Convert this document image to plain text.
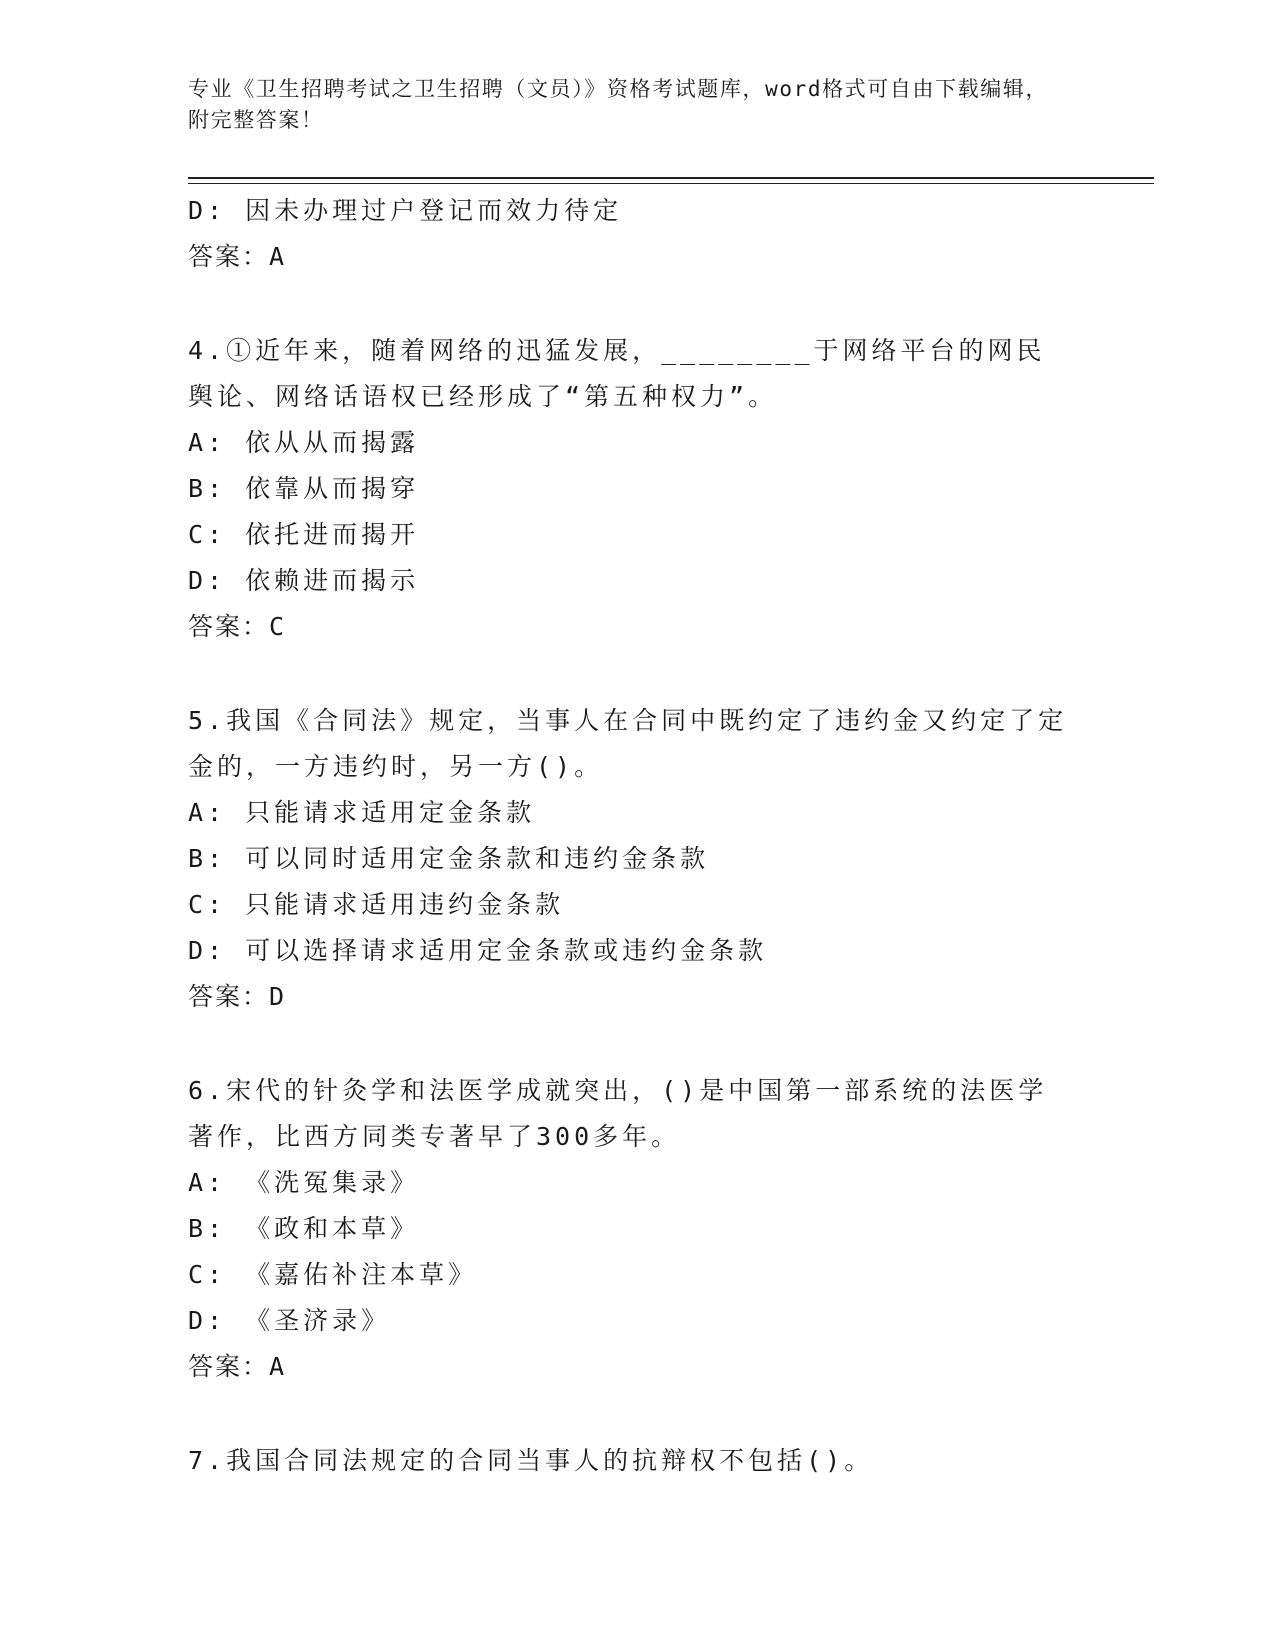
专业《卫生招聘考试之卫生招聘（文员）》资格考试题库，word格式可自由下载编辑，附完整答案！
D: 因未办理过户登记而效力待定
答案：A
4.①近年来，随着网络的迅猛发展，________于网络平台的网民舆论、网络话语权已经形成了“第五种权力”。
A: 依从从而揭露
B: 依靠从而揭穿
C: 依托进而揭开
D: 依赖进而揭示
答案：C
5.我国《合同法》规定，当事人在合同中既约定了违约金又约定了定金的，一方违约时，另一方()。
A: 只能请求适用定金条款
B: 可以同时适用定金条款和违约金条款
C: 只能请求适用违约金条款
D: 可以选择请求适用定金条款或违约金条款
答案：D
6.宋代的针灸学和法医学成就突出，()是中国第一部系统的法医学著作，比西方同类专著早了300多年。
A: 《洗冤集录》
B: 《政和本草》
C: 《嘉佑补注本草》
D: 《圣济录》
答案：A
7.我国合同法规定的合同当事人的抗辩权不包括()。
